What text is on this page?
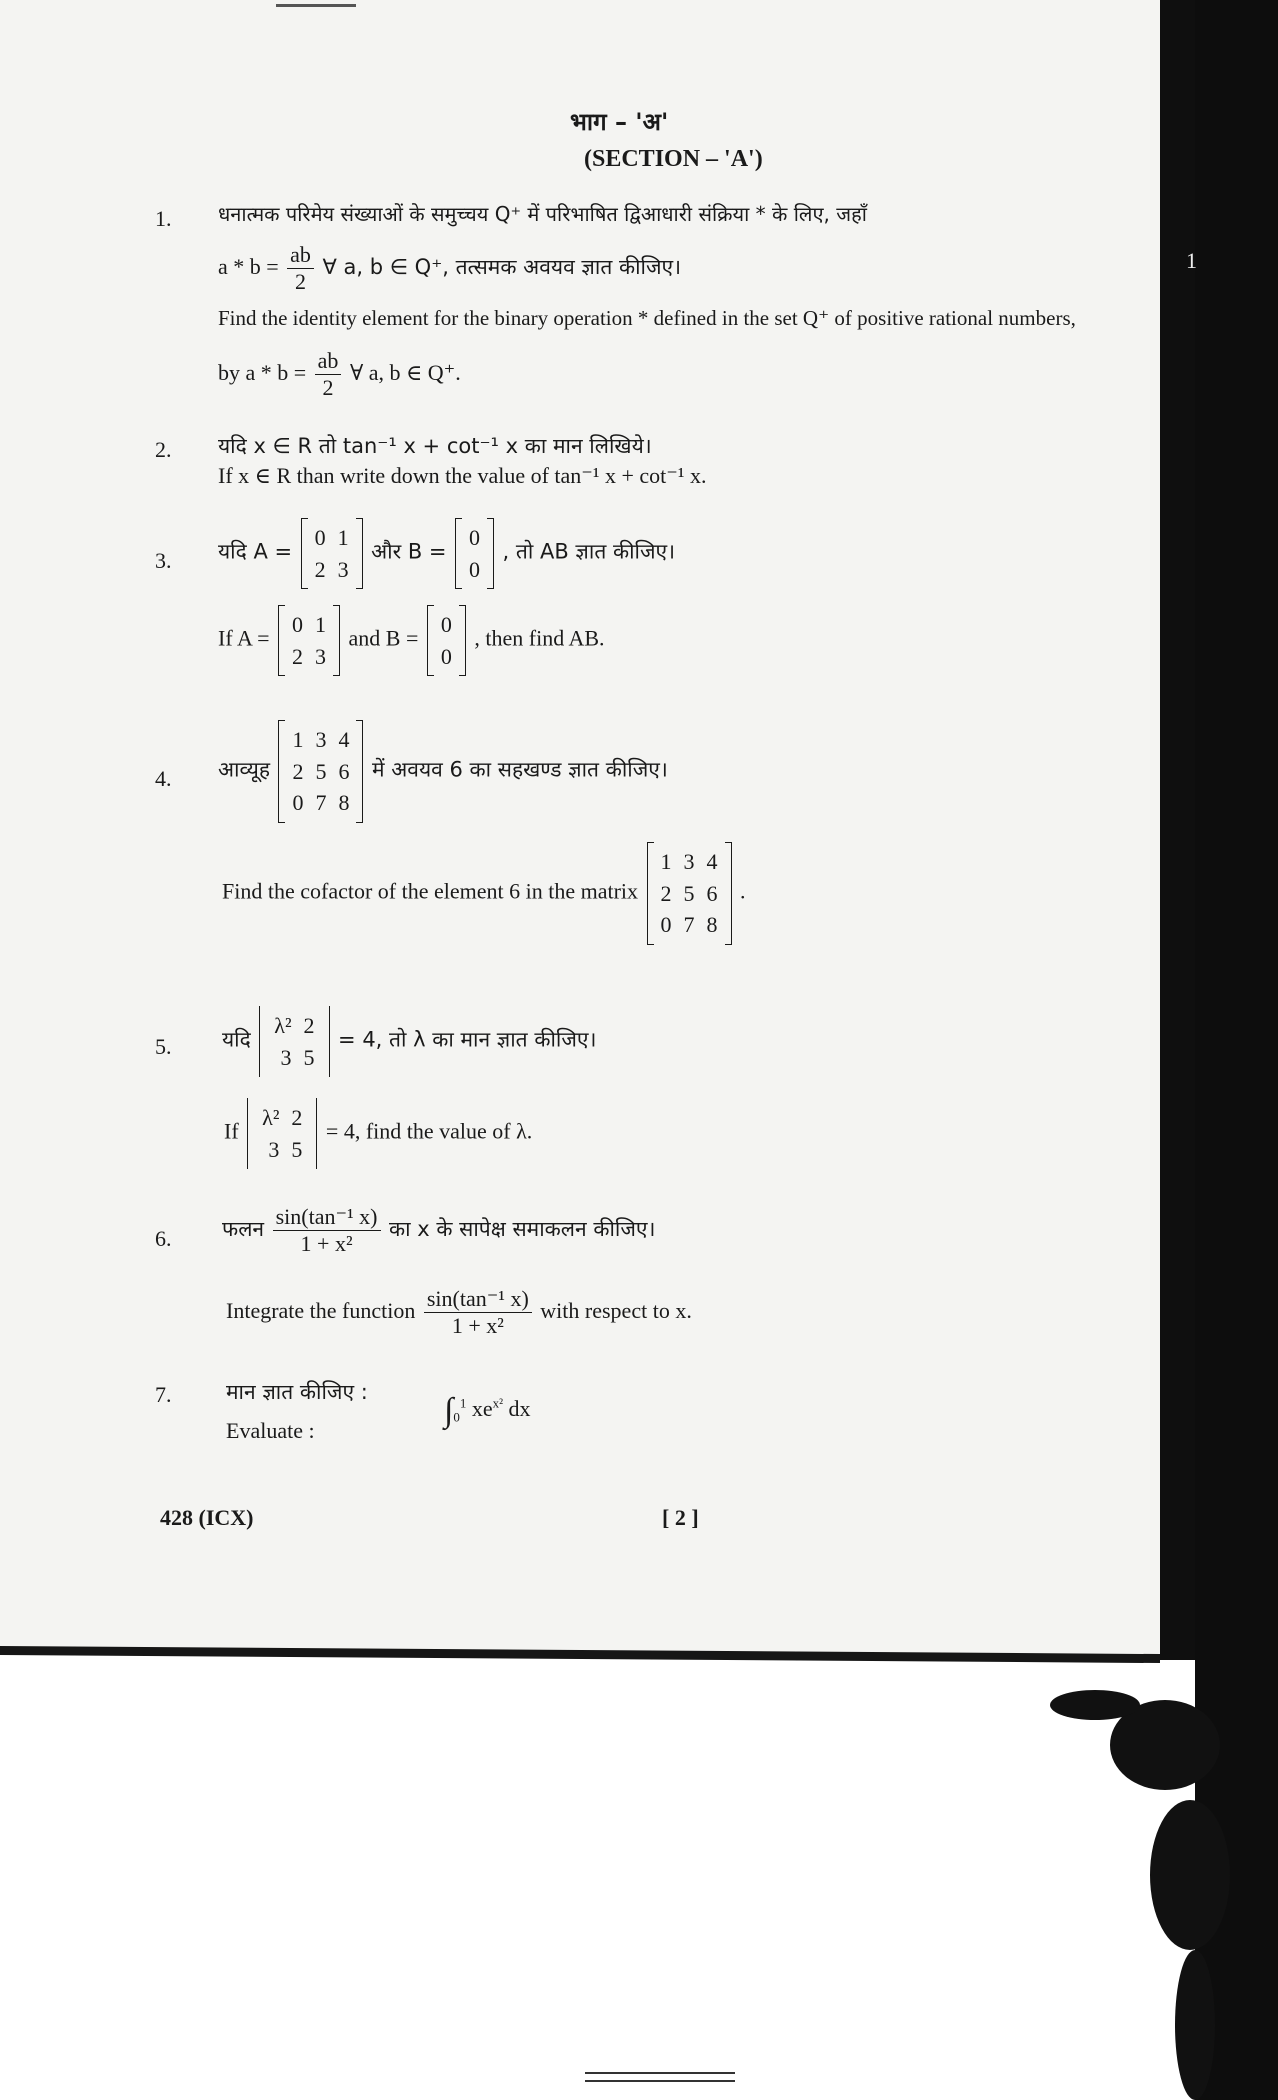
भाग – 'अ'
(SECTION – 'A')
1. धनात्मक परिमेय संख्याओं के समुच्चय Q⁺ में परिभाषित द्विआधारी संक्रिया * के लिए, जहाँ
$a * b = \frac{ab}{2}$ ∀ a, b ∈ Q⁺, तत्समक अवयव ज्ञात कीजिए।	1
Find the identity element for the binary operation * defined in the set Q⁺ of positive rational numbers,
by $a * b = \frac{ab}{2}$ ∀ a, b ∈ Q⁺.
2. यदि x ∈ R तो tan⁻¹ x + cot⁻¹ x का मान लिखिये।
If x ∈ R than write down the value of tan⁻¹ x + cot⁻¹ x.
3. यदि A =
0	1
2	3
और B =
0
0
, तो AB ज्ञात कीजिए।
If A =
0	1
2	3
and B =
0
0
, then find AB.
4. आव्यूह
1	3	4
2	5	6
0	7	8
में अवयव 6 का सहखण्ड ज्ञात कीजिए।
Find the cofactor of the element 6 in the matrix
1	3	4
2	5	6
0	7	8
.
5. यदि
λ²	2
3	5
= 4, तो λ का मान ज्ञात कीजिए।
If
λ²	2
3	5
= 4, find the value of λ.
6. फलन $\frac{\text{sin(tan⁻¹ x)}}{\text{1 + x²}}$ का x के सापेक्ष समाकलन कीजिए।
Integrate the function $\frac{\text{sin(tan⁻¹ x)}}{\text{1 + x²}}$ with respect to x.
7.	मान ज्ञात कीजिए :
Evaluate :
$\int_0^1$ $xe^{x^2}$ dx
428 (ICX)	[ 2 ]
